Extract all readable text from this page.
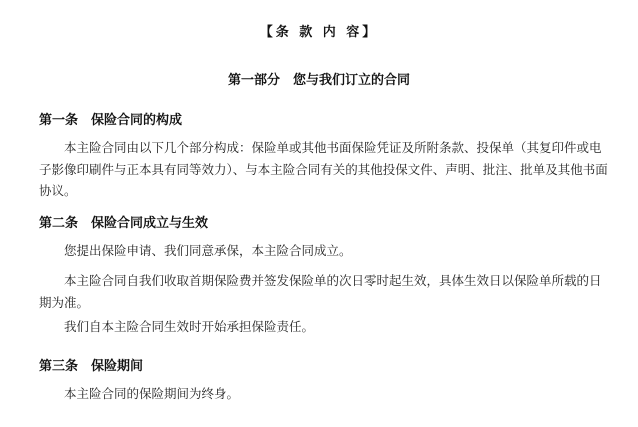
【条 款 内 容】
第一部分　您与我们订立的合同
第一条 保险合同的构成

本主险合同由以下几个部分构成：保险单或其他书面保险凭证及所附条款、投保单（其复印件或电子影像印刷件与正本具有同等效力）、与本主险合同有关的其他投保文件、声明、批注、批单及其他书面协议。

第二条 保险合同成立与生效

您提出保险申请、我们同意承保，本主险合同成立。

本主险合同自我们收取首期保险费并签发保险单的次日零时起生效，具体生效日以保险单所载的日期为准。

我们自本主险合同生效时开始承担保险责任。

第三条 保险期间

本主险合同的保险期间为终身。
